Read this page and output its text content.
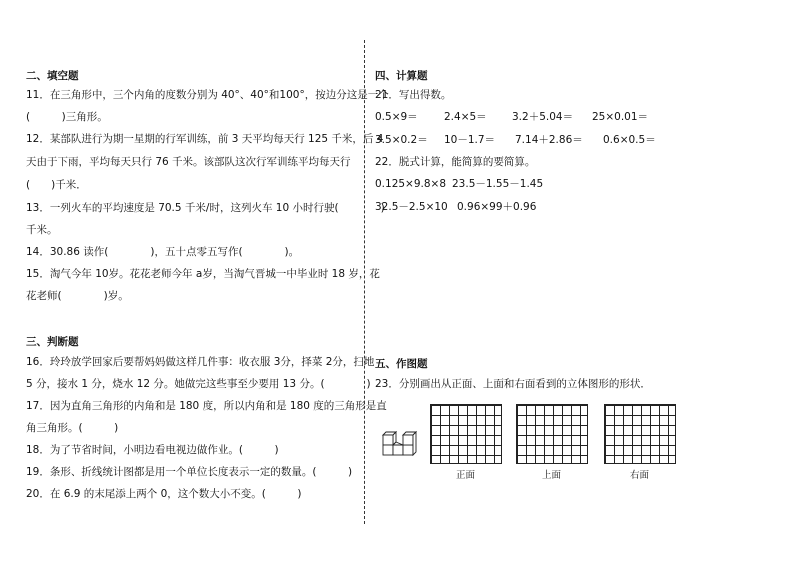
二、填空题
11．在三角形中，三个内角的度数分别为 40°、40°和100°，按边分这是一个
(　　　)三角形。
12．某部队进行为期一星期的行军训练，前 3 天平均每天行 125 千米，后 4
天由于下雨，平均每天只行 76 千米。该部队这次行军训练平均每天行
(　　)千米．
13．一列火车的平均速度是 70.5 千米/时，这列火车 10 小时行驶(　　　　)
千米。
14．30.86 读作(　　　　)，五十点零五写作(　　　　)。
15．淘气今年 10岁。花花老师今年 a岁，当淘气晋城一中毕业时 18 岁，花
花老师(　　　　)岁。
三、判断题
16．玲玲放学回家后要帮妈妈做这样几件事：收衣服 3分，择菜 2分，扫地
5 分，接水 1 分，烧水 12 分。她做完这些事至少要用 13 分。(　　　　)
17．因为直角三角形的内角和是 180 度，所以内角和是 180 度的三角形是直
角三角形。(　　　)
18．为了节省时间，小明边看电视边做作业。(　　　)
19．条形、折线统计图都是用一个单位长度表示一定的数量。(　　　)
20．在 6.9 的末尾添上两个 0，这个数大小不变。(　　　)
四、计算题
21．写出得数。
0.5×9＝	2.4×5＝ 3.2＋5.04＝ 25×0.01＝
3.5×0.2＝ 10－1.7＝ 7.14＋2.86＝ 0.6×0.5＝
22．脱式计算，能简算的要简算。
0.125×9.8×8 23.5－1.55－1.45
32.5－2.5×10 0.96×99＋0.96
五、作图题
23．分别画出从正面、上面和右面看到的立体图形的形状．
正面	上面	右面
